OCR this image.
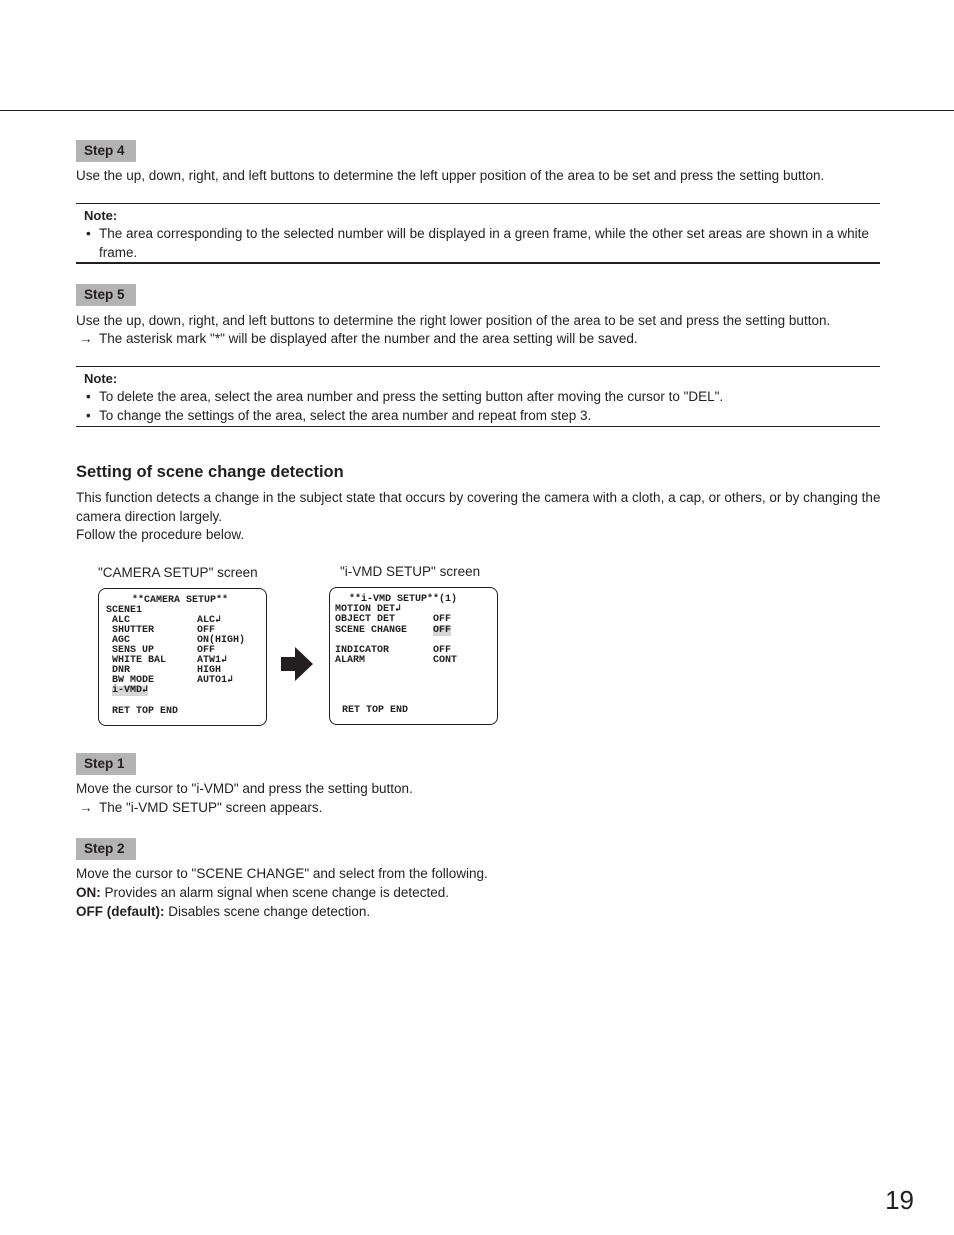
Step 4
Use the up, down, right, and left buttons to determine the left upper position of the area to be set and press the setting button.
Note:
• The area corresponding to the selected number will be displayed in a green frame, while the other set areas are shown in a white frame.
Step 5
Use the up, down, right, and left buttons to determine the right lower position of the area to be set and press the setting button.
→ The asterisk mark "*" will be displayed after the number and the area setting will be saved.
Note:
• To delete the area, select the area number and press the setting button after moving the cursor to "DEL".
• To change the settings of the area, select the area number and repeat from step 3.
Setting of scene change detection
This function detects a change in the subject state that occurs by covering the camera with a cloth, a cap, or others, or by changing the camera direction largely.
Follow the procedure below.
"CAMERA SETUP" screen
**CAMERA SETUP**
SCENE1
ALC	ALC↲
SHUTTER	OFF
AGC	ON(HIGH)
SENS UP	OFF
WHITE BAL	ATW1↲
DNR	HIGH
BW MODE	AUTO1↲
i-VMD↲
RET TOP END
"i-VMD SETUP" screen
**i-VMD SETUP**(1)
MOTION DET↲
OBJECT DET	OFF
SCENE CHANGE	OFF
INDICATOR	OFF
ALARM	CONT
RET TOP END
Step 1
Move the cursor to "i-VMD" and press the setting button.
→ The "i-VMD SETUP" screen appears.
Step 2
Move the cursor to "SCENE CHANGE" and select from the following.
ON: Provides an alarm signal when scene change is detected.
OFF (default): Disables scene change detection.
19
